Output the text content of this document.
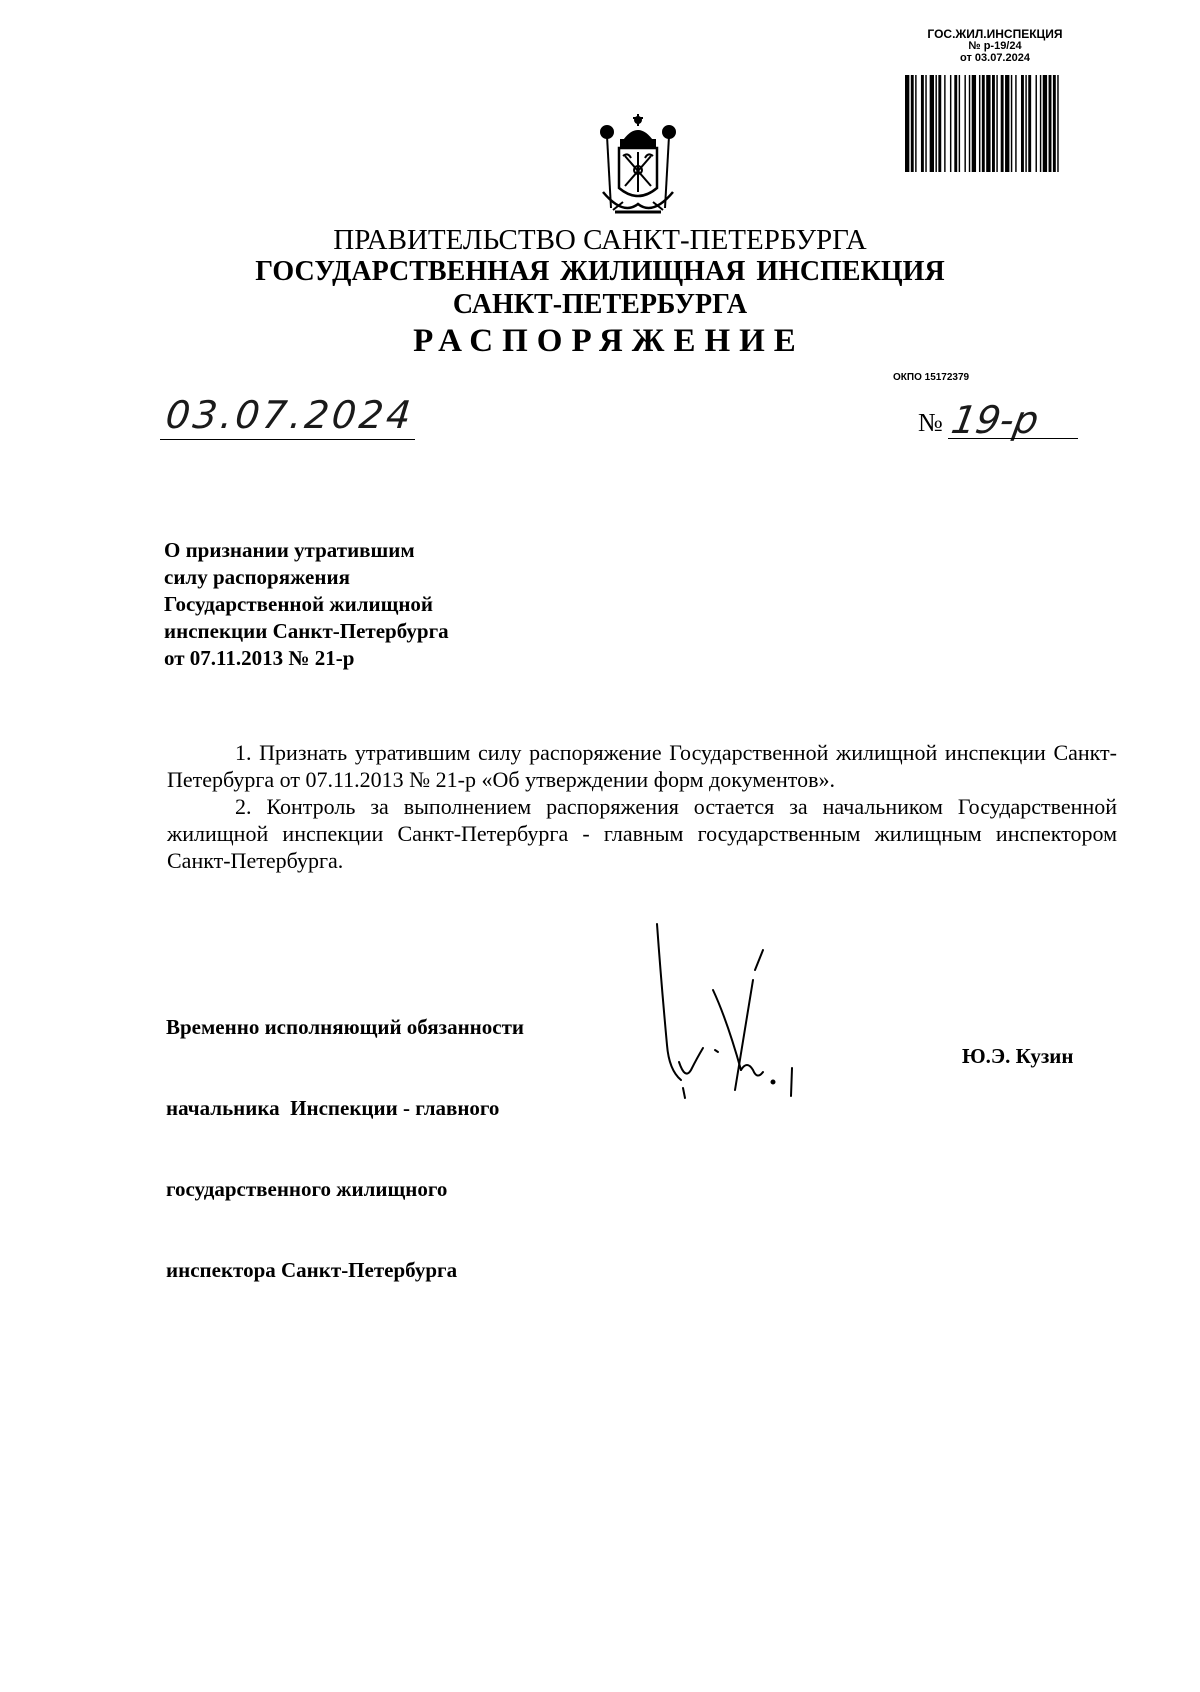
ГОС.ЖИЛ.ИНСПЕКЦИЯ
№ р-19/24
от 03.07.2024
ПРАВИТЕЛЬСТВО САНКТ-ПЕТЕРБУРГА
ГОСУДАРСТВЕННАЯ ЖИЛИЩНАЯ ИНСПЕКЦИЯ
САНКТ-ПЕТЕРБУРГА
РАСПОРЯЖЕНИЕ
ОКПО 15172379
03.07.2024	№ 19-р
О признании утратившим
силу распоряжения
Государственной жилищной
инспекции Санкт-Петербурга
от 07.11.2013 № 21-р

1. Признать утратившим силу распоряжение Государственной жилищной инспекции Санкт-Петербурга от 07.11.2013 № 21-р «Об утверждении форм документов».

2. Контроль за выполнением распоряжения остается за начальником Государственной жилищной инспекции Санкт-Петербурга - главным государственным жилищным инспектором Санкт-Петербурга.

Временно исполняющий обязанности

начальника  Инспекции - главного

государственного жилищного

инспектора Санкт-Петербурга

Ю.Э. Кузин
